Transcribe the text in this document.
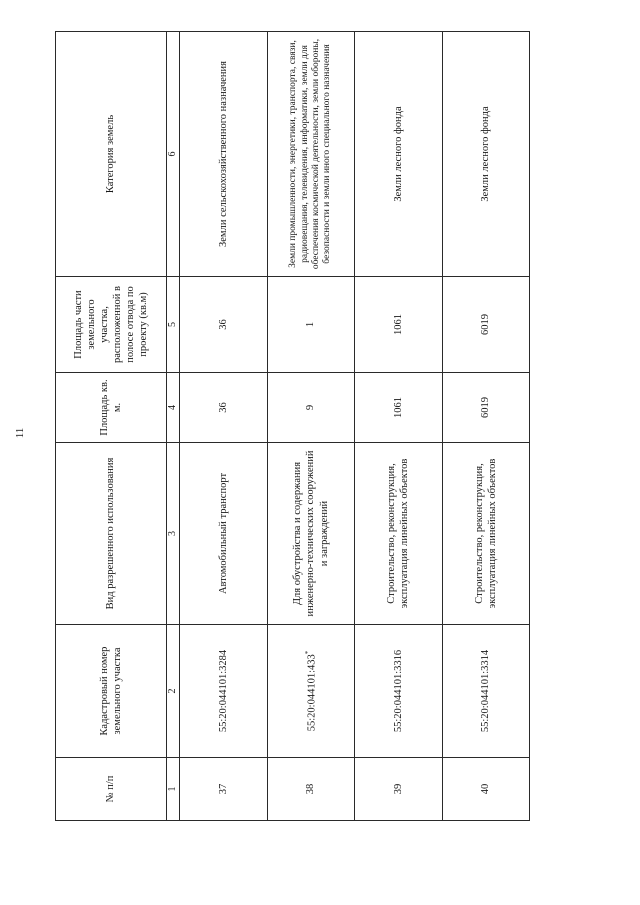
11
№ п/п	Кадастровый номер земельного участка	Вид разрешенного использования	Площадь кв. м.	Площадь части земельного участка, расположенной в полосе отвода по проекту (кв.м)	Категория земель
1	2	3	4	5	6
37	55:20:044101:3284	Автомобильный транспорт	36	36	Земли сельскохозяйственного назначения
38	55:20:044101:433*	Для обустройства и содержания инженерно-технических сооружений и заграждений	9	1	Земли промышленности, энергетики, транспорта, связи, радиовещания, телевидения, информатики, земли для обеспечения космической деятельности, земли обороны, безопасности и земли иного специального назначения
39	55:20:044101:3316	Строительство, реконструкция, эксплуатация линейных объектов	1061	1061	Земли лесного фонда
40	55:20:044101:3314	Строительство, реконструкция, эксплуатация линейных объектов	6019	6019	Земли лесного фонда
